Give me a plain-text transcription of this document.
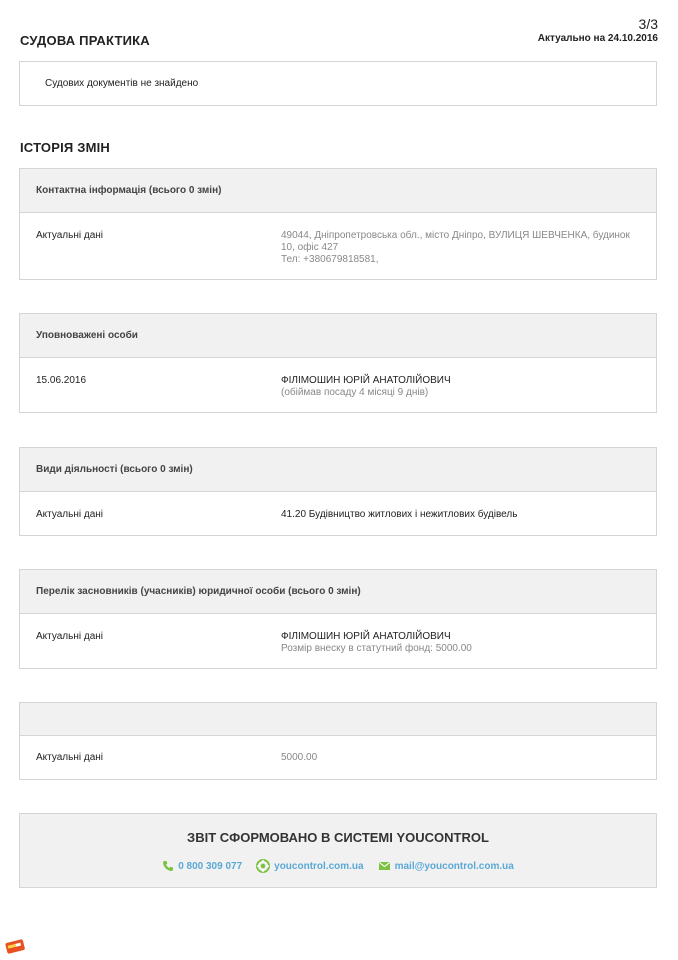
3/3
Актуально на 24.10.2016
СУДОВА ПРАКТИКА
Судових документів не знайдено
ІСТОРІЯ ЗМІН
Контактна інформація (всього 0 змін)
Актуальні дані	49044, Дніпропетровська обл., місто Дніпро, ВУЛИЦЯ ШЕВЧЕНКА, будинок 10, офіс 427
Тел: +380679818581,
Уповноважені особи
15.06.2016	ФІЛІМОШИН ЮРІЙ АНАТОЛІЙОВИЧ
(обіймав посаду 4 місяці 9 днів)
Види діяльності (всього 0 змін)
Актуальні дані	41.20 Будівництво житлових і нежитлових будівель
Перелік засновників (учасників) юридичної особи (всього 0 змін)
Актуальні дані	ФІЛІМОШИН ЮРІЙ АНАТОЛІЙОВИЧ
Розмір внеску в статутний фонд: 5000.00
Актуальні дані	5000.00
ЗВІТ СФОРМОВАНО В СИСТЕМІ YOUCONTROL
0 800 309 077	youcontrol.com.ua	mail@youcontrol.com.ua
